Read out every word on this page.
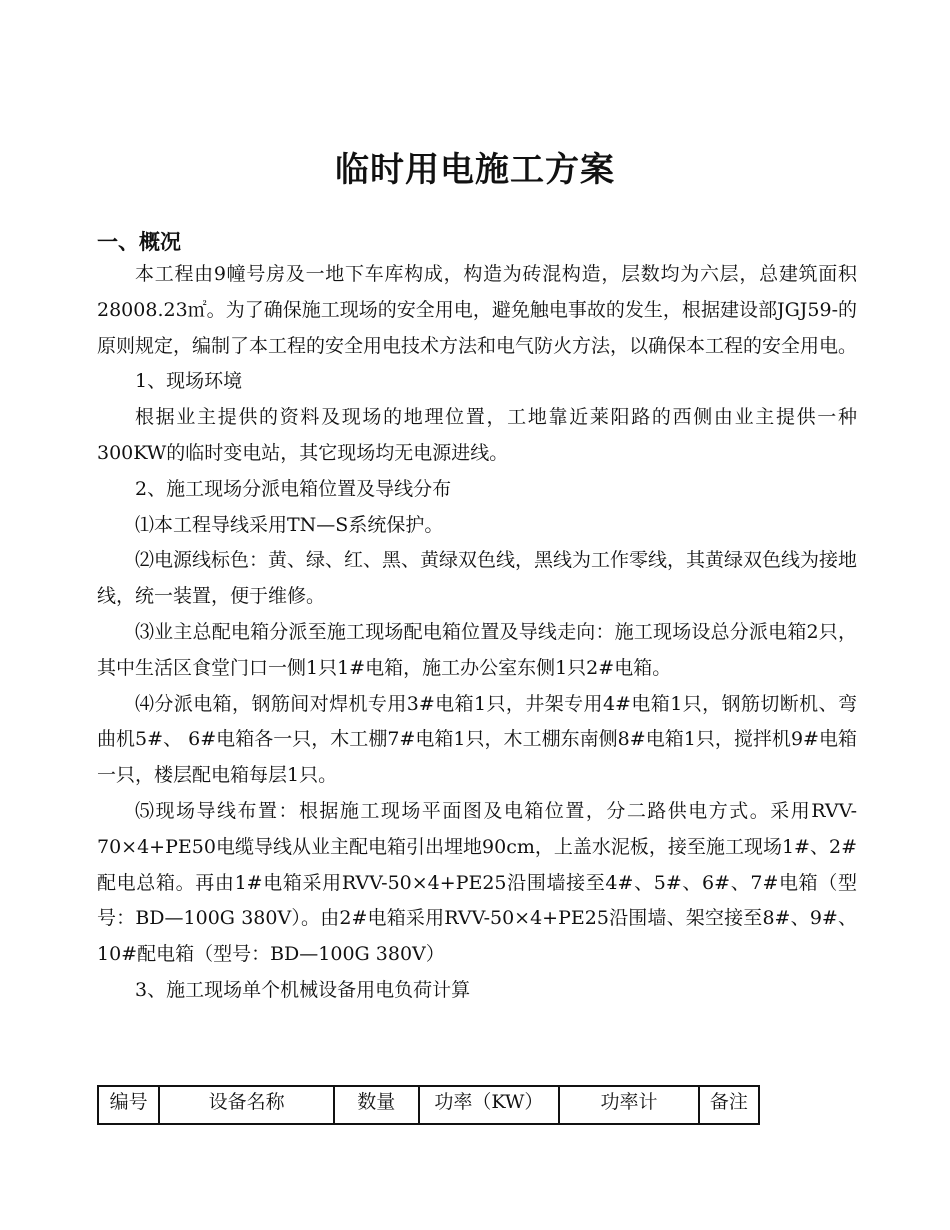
临时用电施工方案
一、概况

本工程由9幢号房及一地下车库构成，构造为砖混构造，层数均为六层，总建筑面积28008.23㎡。为了确保施工现场的安全用电，避免触电事故的发生，根据建设部JGJ59-的原则规定，编制了本工程的安全用电技术方法和电气防火方法，以确保本工程的安全用电。

1、现场环境

根据业主提供的资料及现场的地理位置，工地靠近莱阳路的西侧由业主提供一种300KW的临时变电站，其它现场均无电源进线。

2、施工现场分派电箱位置及导线分布

⑴本工程导线采用TN—S系统保护。

⑵电源线标色：黄、绿、红、黑、黄绿双色线，黑线为工作零线，其黄绿双色线为接地线，统一装置，便于维修。

⑶业主总配电箱分派至施工现场配电箱位置及导线走向：施工现场设总分派电箱2只，其中生活区食堂门口一侧1只1#电箱，施工办公室东侧1只2#电箱。

⑷分派电箱，钢筋间对焊机专用3#电箱1只，井架专用4#电箱1只，钢筋切断机、弯曲机5#、 6#电箱各一只，木工棚7#电箱1只，木工棚东南侧8#电箱1只，搅拌机9#电箱一只，楼层配电箱每层1只。

⑸现场导线布置：根据施工现场平面图及电箱位置，分二路供电方式。采用RVV-70×4+PE50电缆导线从业主配电箱引出埋地90cm，上盖水泥板，接至施工现场1#、2#配电总箱。再由1#电箱采用RVV-50×4+PE25沿围墙接至4#、5#、6#、7#电箱（型号：BD—100G 380V）。由2#电箱采用RVV-50×4+PE25沿围墙、架空接至8#、9#、10#配电箱（型号：BD—100G 380V）

3、施工现场单个机械设备用电负荷计算

编号	设备名称	数量	功率（KW）	功率计	备注
